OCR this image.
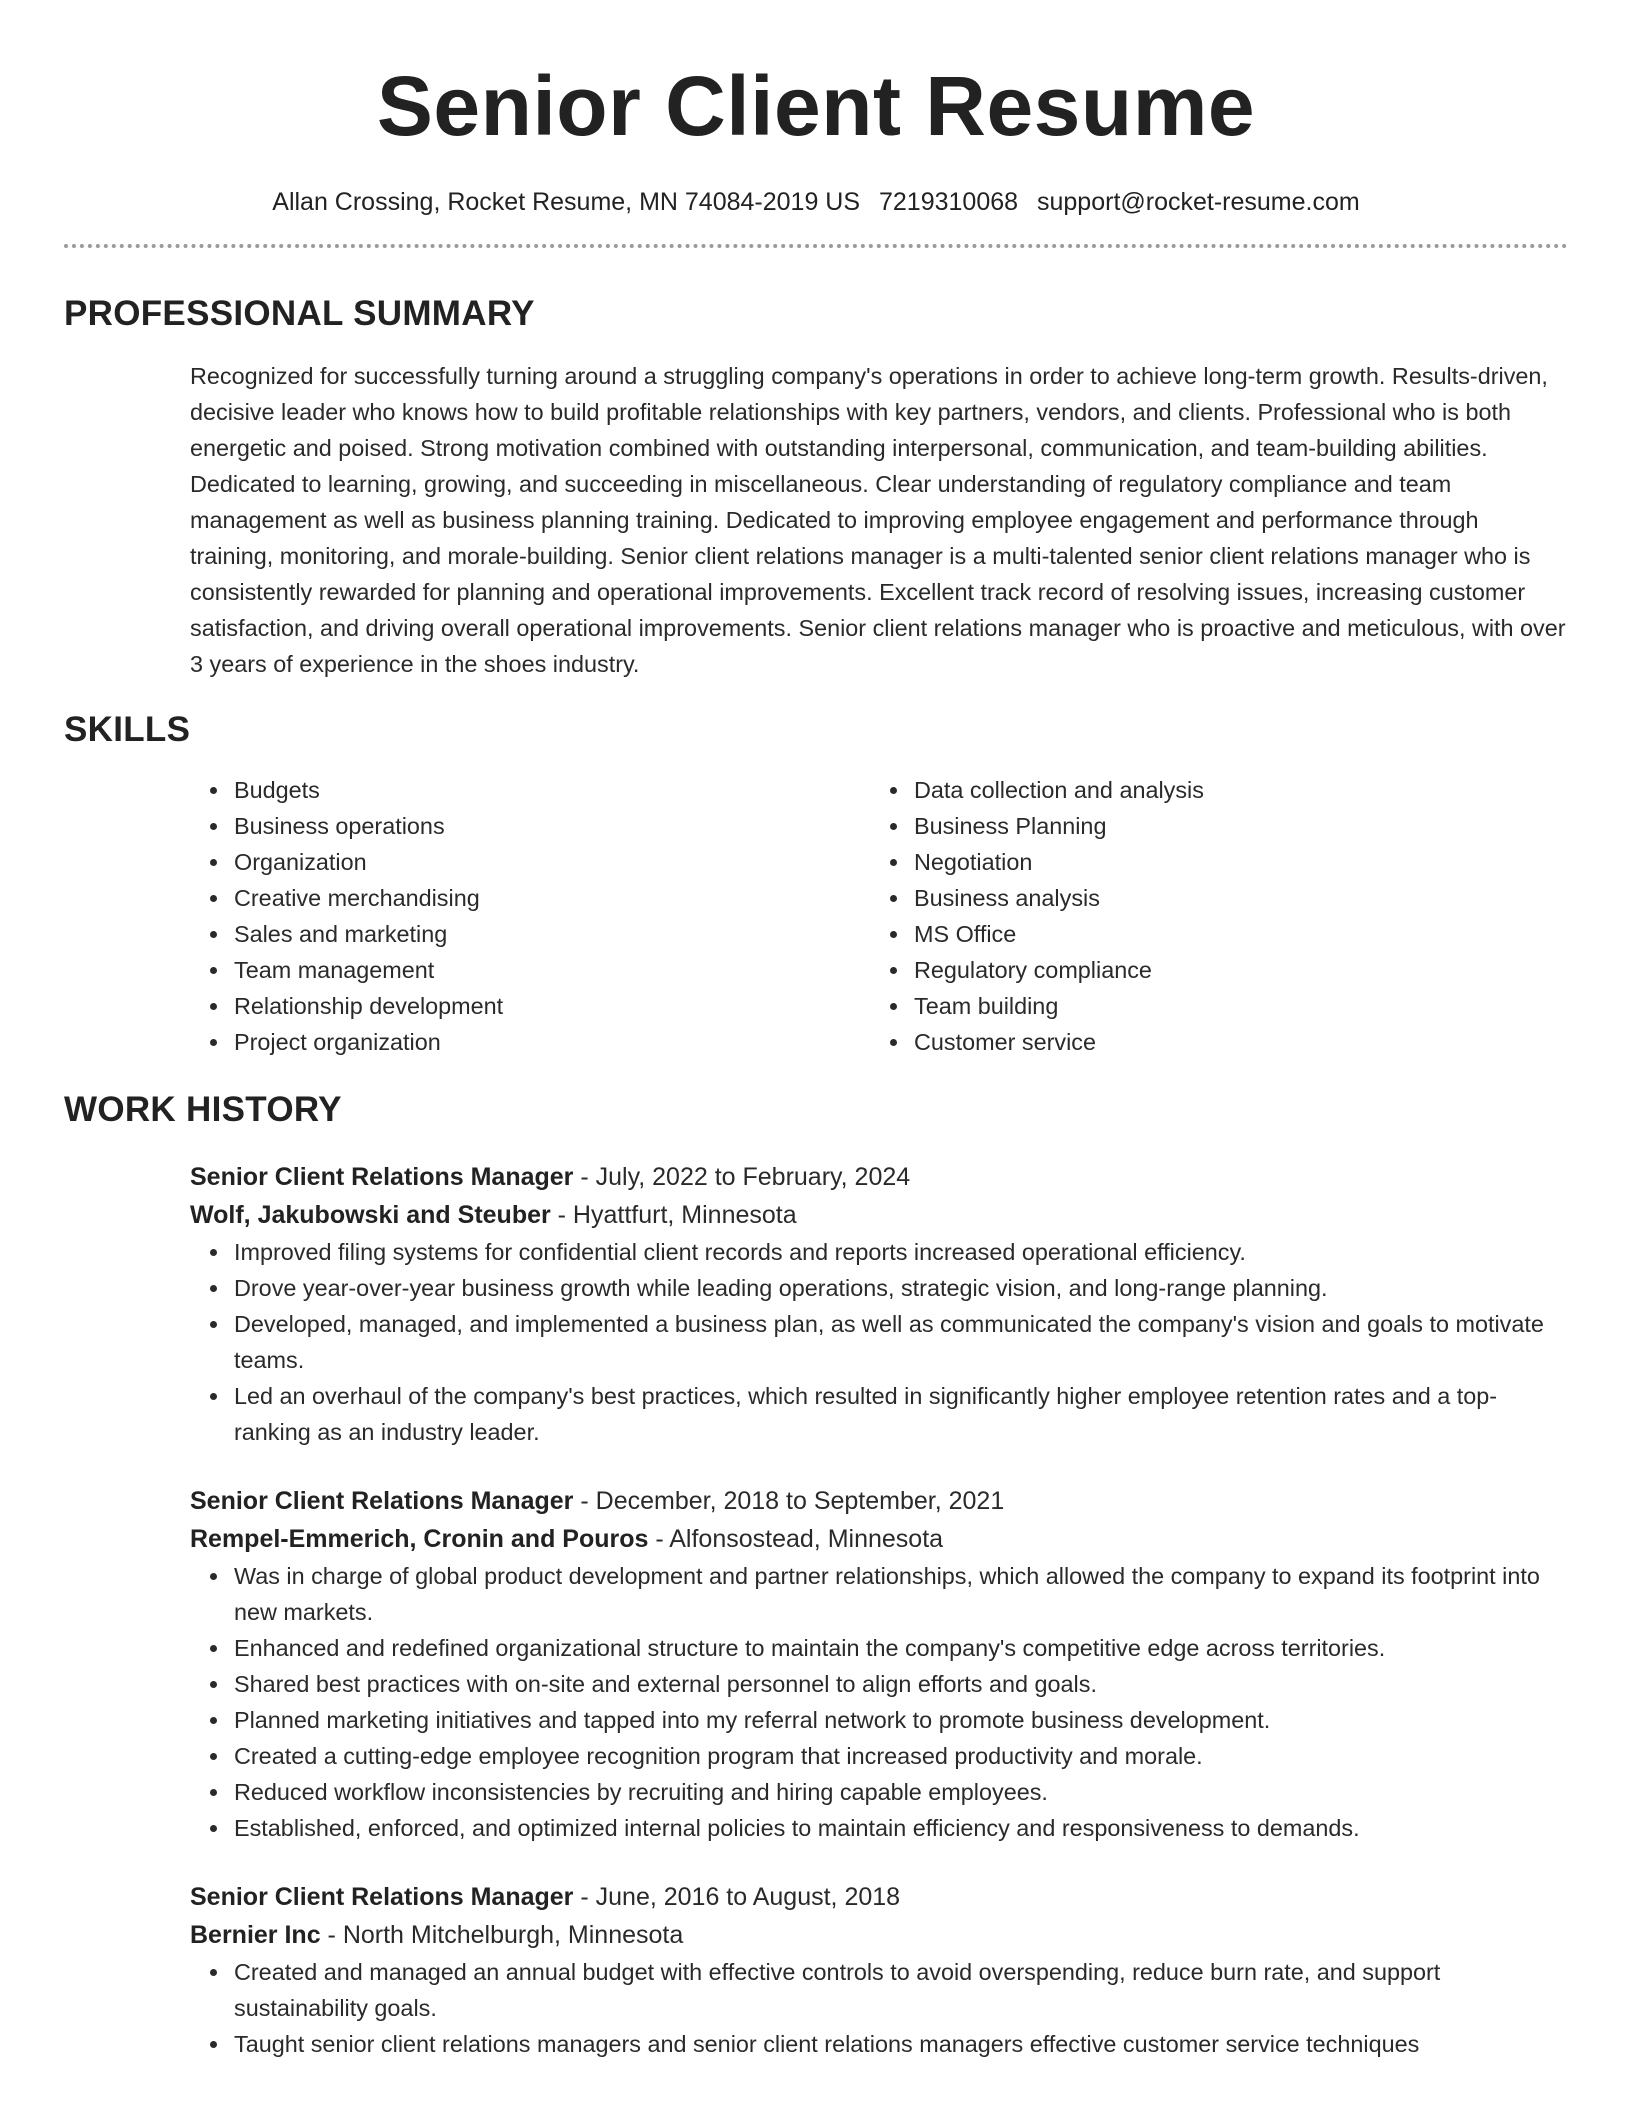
Senior Client Resume
Allan Crossing, Rocket Resume, MN 74084-2019 US 7219310068 support@rocket-resume.com
PROFESSIONAL SUMMARY

Recognized for successfully turning around a struggling company's operations in order to achieve long-term growth. Results-driven, decisive leader who knows how to build profitable relationships with key partners, vendors, and clients. Professional who is both energetic and poised. Strong motivation combined with outstanding interpersonal, communication, and team-building abilities. Dedicated to learning, growing, and succeeding in miscellaneous. Clear understanding of regulatory compliance and team management as well as business planning training. Dedicated to improving employee engagement and performance through training, monitoring, and morale-building. Senior client relations manager is a multi-talented senior client relations manager who is consistently rewarded for planning and operational improvements. Excellent track record of resolving issues, increasing customer satisfaction, and driving overall operational improvements. Senior client relations manager who is proactive and meticulous, with over 3 years of experience in the shoes industry.

SKILLS
Budgets
Business operations
Organization
Creative merchandising
Sales and marketing
Team management
Relationship development
Project organization
Data collection and analysis
Business Planning
Negotiation
Business analysis
MS Office
Regulatory compliance
Team building
Customer service
WORK HISTORY
Senior Client Relations Manager - July, 2022 to February, 2024
Wolf, Jakubowski and Steuber - Hyattfurt, Minnesota
Improved filing systems for confidential client records and reports increased operational efficiency.
Drove year-over-year business growth while leading operations, strategic vision, and long-range planning.
Developed, managed, and implemented a business plan, as well as communicated the company's vision and goals to motivate teams.
Led an overhaul of the company's best practices, which resulted in significantly higher employee retention rates and a top-ranking as an industry leader.
Senior Client Relations Manager - December, 2018 to September, 2021
Rempel-Emmerich, Cronin and Pouros - Alfonsostead, Minnesota
Was in charge of global product development and partner relationships, which allowed the company to expand its footprint into new markets.
Enhanced and redefined organizational structure to maintain the company's competitive edge across territories.
Shared best practices with on-site and external personnel to align efforts and goals.
Planned marketing initiatives and tapped into my referral network to promote business development.
Created a cutting-edge employee recognition program that increased productivity and morale.
Reduced workflow inconsistencies by recruiting and hiring capable employees.
Established, enforced, and optimized internal policies to maintain efficiency and responsiveness to demands.
Senior Client Relations Manager - June, 2016 to August, 2018
Bernier Inc - North Mitchelburgh, Minnesota
Created and managed an annual budget with effective controls to avoid overspending, reduce burn rate, and support sustainability goals.
Taught senior client relations managers and senior client relations managers effective customer service techniques
